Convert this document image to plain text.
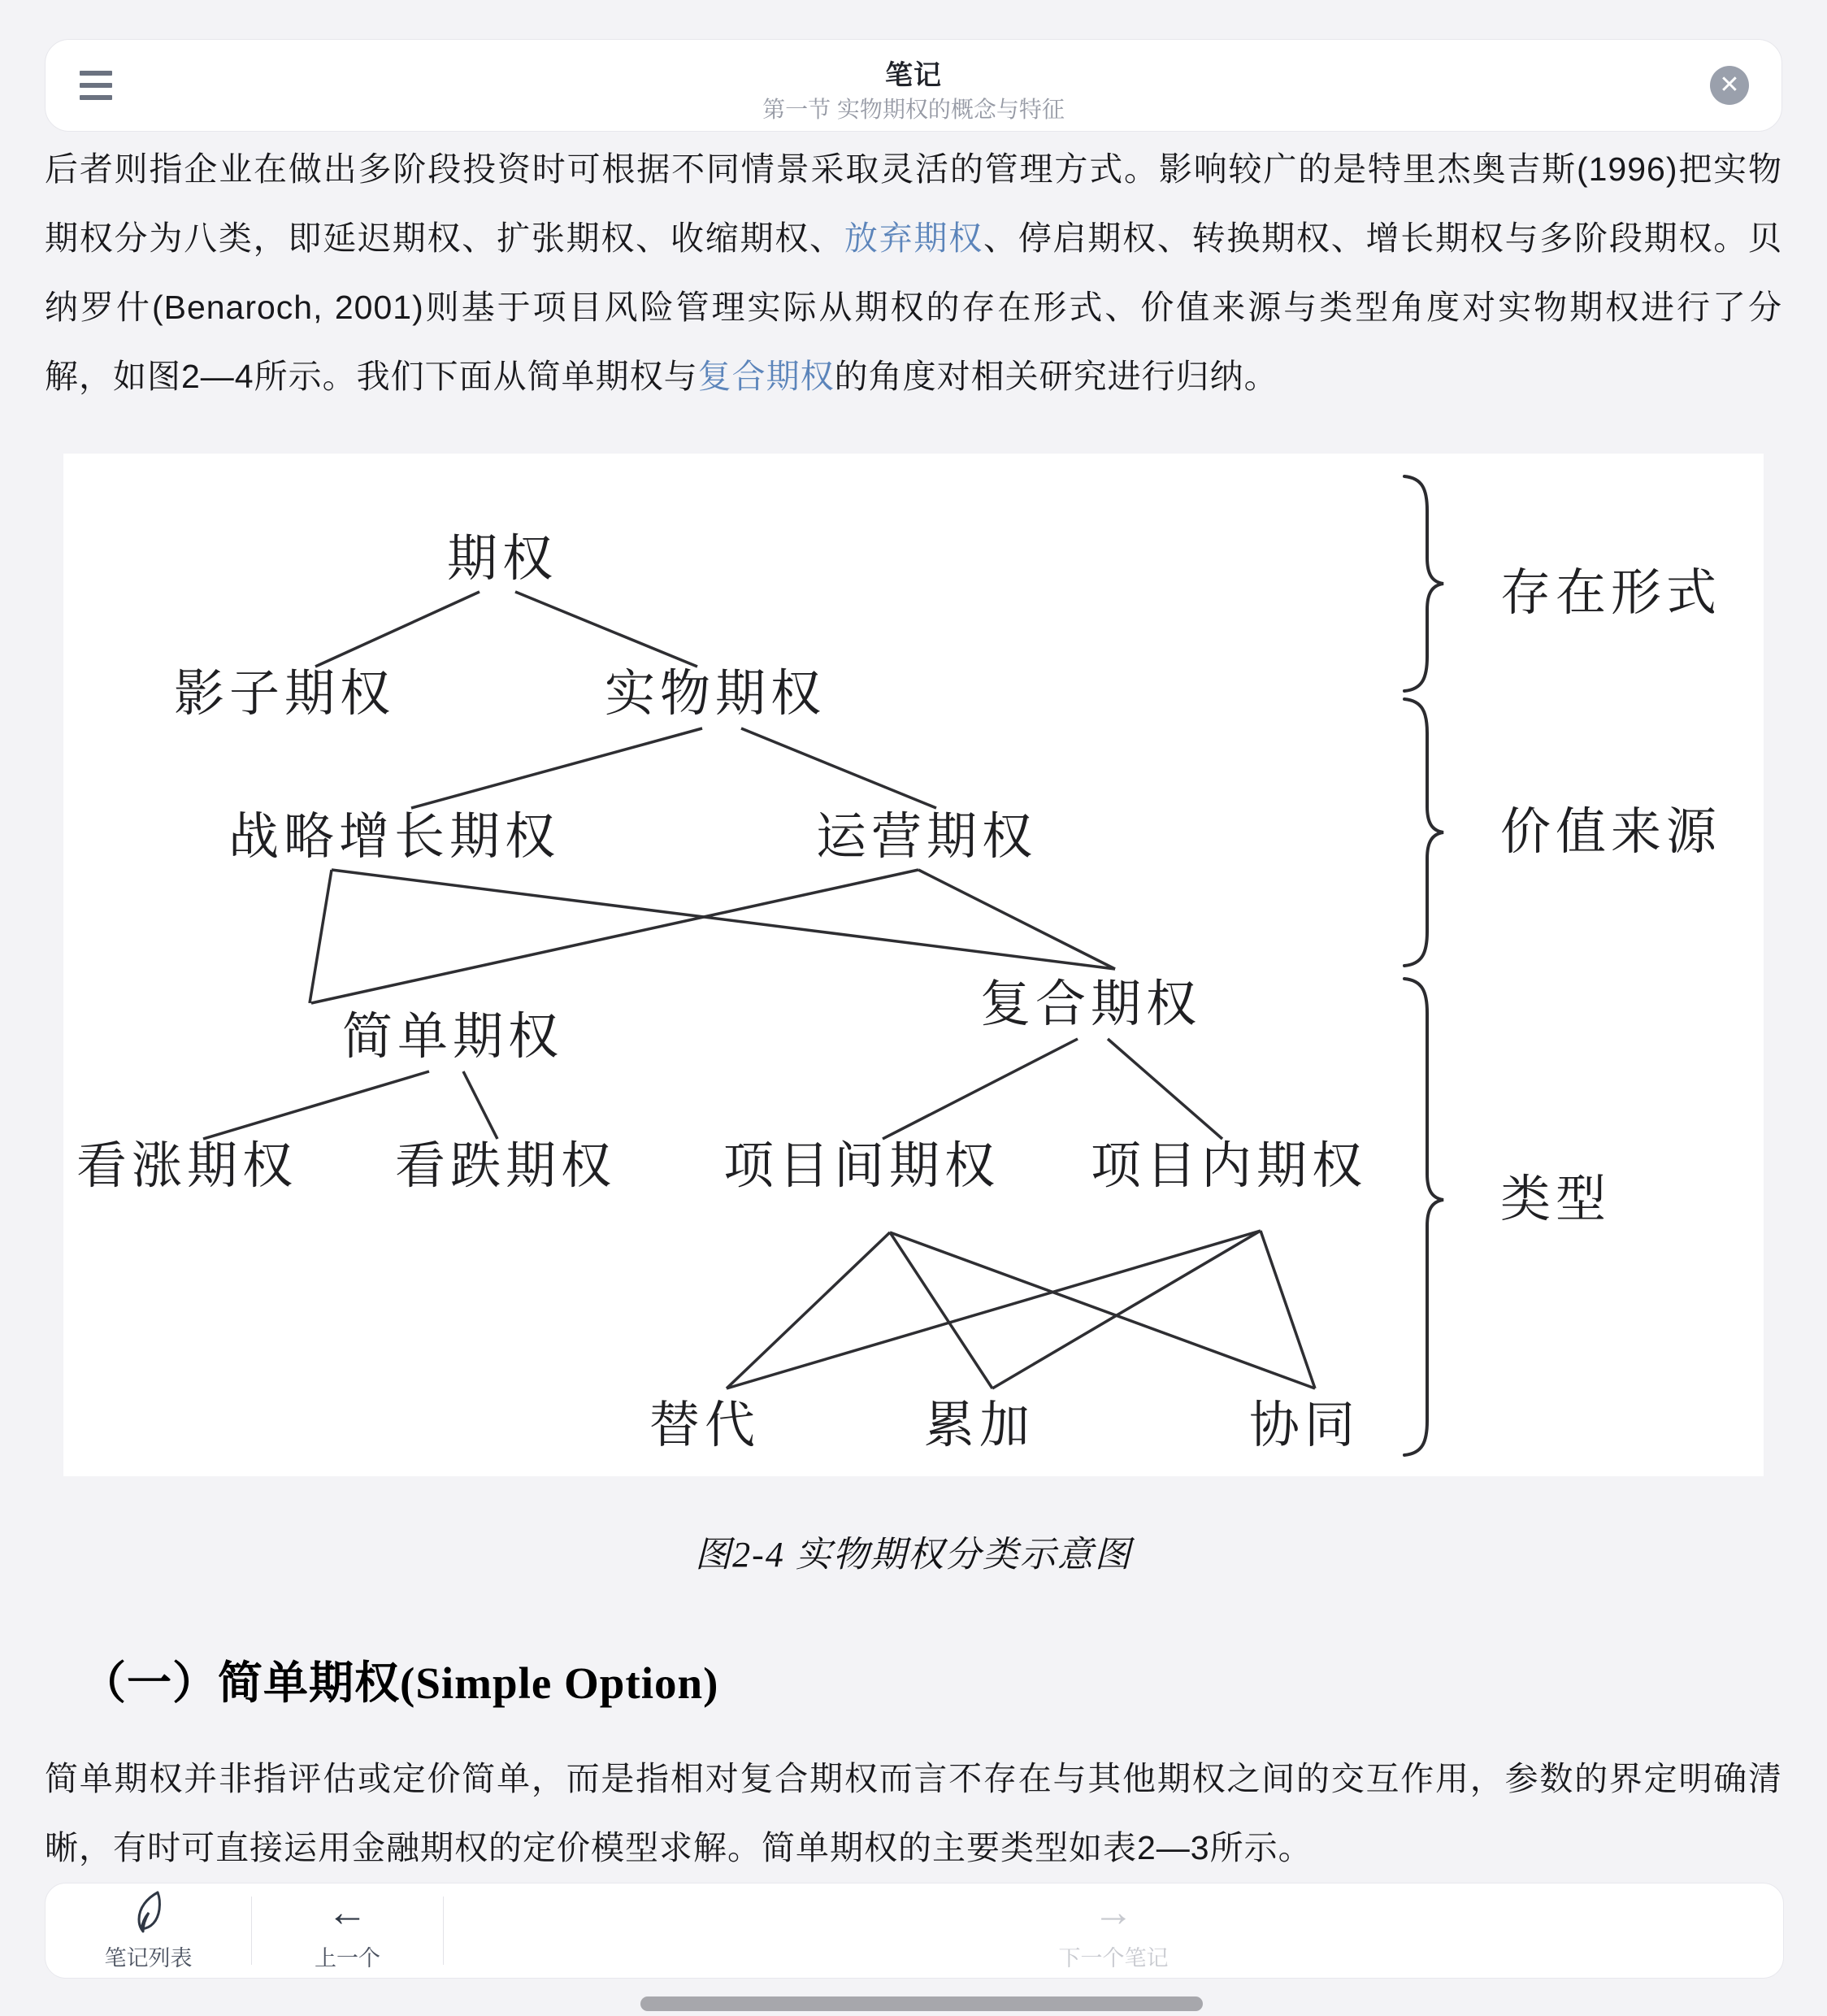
笔记
第一节 实物期权的概念与特征
✕
后者则指企业在做出多阶段投资时可根据不同情景采取灵活的管理方式。影响较广的是特里杰奥吉斯(1996)把实物期权分为八类，即延迟期权、扩张期权、收缩期权、放弃期权、停启期权、转换期权、增长期权与多阶段期权。贝纳罗什(Benaroch, 2001)则基于项目风险管理实际从期权的存在形式、价值来源与类型角度对实物期权进行了分解，如图2—4所示。我们下面从简单期权与复合期权的角度对相关研究进行归纳。
期权
影子期权	实物期权
战略增长期权	运营期权
简单期权
复合期权
看涨期权 看跌期权 项目间期权 项目内期权
替代	累加	协同
存在形式
价值来源
类型
图2-4 实物期权分类示意图
（一）简单期权(Simple Option)
简单期权并非指评估或定价简单，而是指相对复合期权而言不存在与其他期权之间的交互作用，参数的界定明确清晰，有时可直接运用金融期权的定价模型求解。简单期权的主要类型如表2—3所示。
笔记列表
←
上一个
→
下一个笔记
